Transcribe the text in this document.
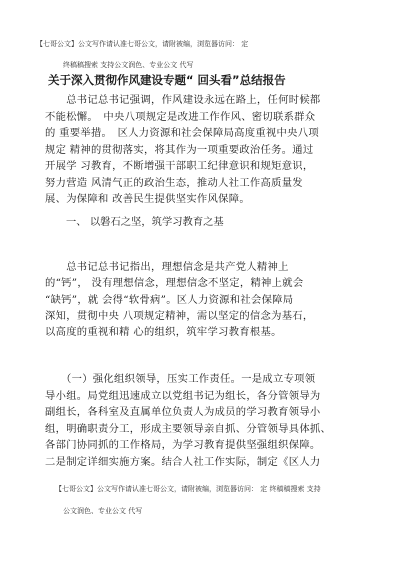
【七哥公文】公文写作请认准七哥公文，请附被编，浏览器访问： 定
终稿稿搜索 支持公文润色、专业公文 代写
关于深入贯彻作风建设专题“ 回头看”总结报告
　　总书记总书记强调，作风建设永远在路上，任何时候都
不能松懈。　中央八项规定是改进工作作风、密切联系群众
的 重要举措。　区人力资源和社会保障局高度重视中央八项
规定 精神的贯彻落实，将其作为一项重要政治任务。通过
开展学 习教育，不断增强干部职工纪律意识和规矩意识，
努力营造 风清气正的政治生态，推动人社工作高质量发
展、为保障和 改善民生提供坚实作风保障。
一、 以磐石之坚，筑学习教育之基
　　总书记总书记指出，理想信念是共产党人精神上
的“钙”， 没有理想信念，理想信念不坚定，精神上就会
“缺钙”，就 会得“软骨病”。区人力资源和社会保障局
深知，贯彻中央 八项规定精神，需以坚定的信念为基石，
以高度的重视和精 心的组织，筑牢学习教育根基。
　　（一）强化组织领导，压实工作责任。一是成立专项领
导小组。局党组迅速成立以党组书记为组长，各分管领导为
副组长，各科室及直属单位负责人为成员的学习教育领导小
组，明确职责分工，形成主要领导亲自抓、分管领导具体抓、
各部门协同抓的工作格局，为学习教育提供坚强组织保障。
二是制定详细实施方案。结合人社工作实际，制定《区人力
【七哥公文】公文写作请认准七哥公文，请附被编，浏览器访问： 定 终稿稿搜索 支持
公文润色、专业公文 代写
